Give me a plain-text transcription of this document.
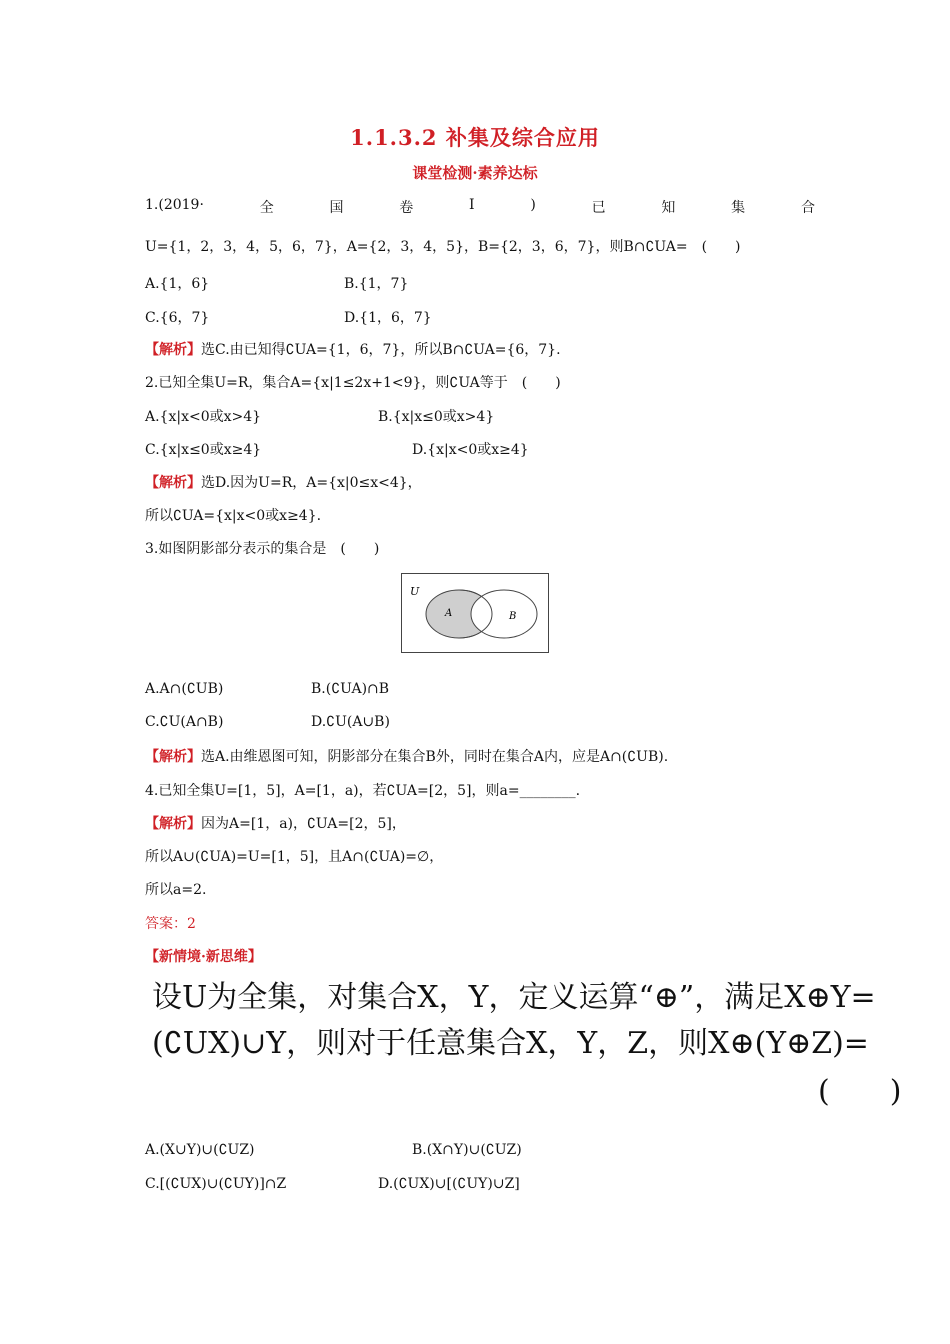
1.1.3.2 补集及综合应用
课堂检测·素养达标
1.(2019·	全	国	卷	Ⅰ	)	已	知	集	合
U={1，2，3，4，5，6，7}，A={2，3，4，5}，B={2，3，6，7}，则B∩∁UA=　(　　)
A.{1，6}	B.{1，7}
C.{6，7}	D.{1，6，7}
【解析】选C.由已知得∁UA={1，6，7}，所以B∩∁UA={6，7}.
2.已知全集U=R，集合A={x|1≤2x+1<9}，则∁UA等于　(　　)
A.{x|x<0或x>4}	B.{x|x≤0或x>4}
C.{x|x≤0或x≥4}	D.{x|x<0或x≥4}
【解析】选D.因为U=R，A={x|0≤x<4}，
所以∁UA={x|x<0或x≥4}.
3.如图阴影部分表示的集合是　(　　)
U
A	B
A.A∩(∁UB)	B.(∁UA)∩B
C.∁U(A∩B)	D.∁U(A∪B)
【解析】选A.由维恩图可知，阴影部分在集合B外，同时在集合A内，应是A∩(∁UB).
4.已知全集U=[1，5]，A=[1，a)，若∁UA=[2，5]，则a=________.
【解析】因为A=[1，a)，∁UA=[2，5]，
所以A∪(∁UA)=U=[1，5]，且A∩(∁UA)=∅，
所以a=2.
答案：2
【新情境·新思维】
设U为全集，对集合X，Y，定义运算“⊕”，满足X⊕Y=
(∁UX)∪Y，则对于任意集合X，Y，Z，则X⊕(Y⊕Z)=
(　　)
A.(X∪Y)∪(∁UZ)	B.(X∩Y)∪(∁UZ)
C.[(∁UX)∪(∁UY)]∩Z	D.(∁UX)∪[(∁UY)∪Z]
